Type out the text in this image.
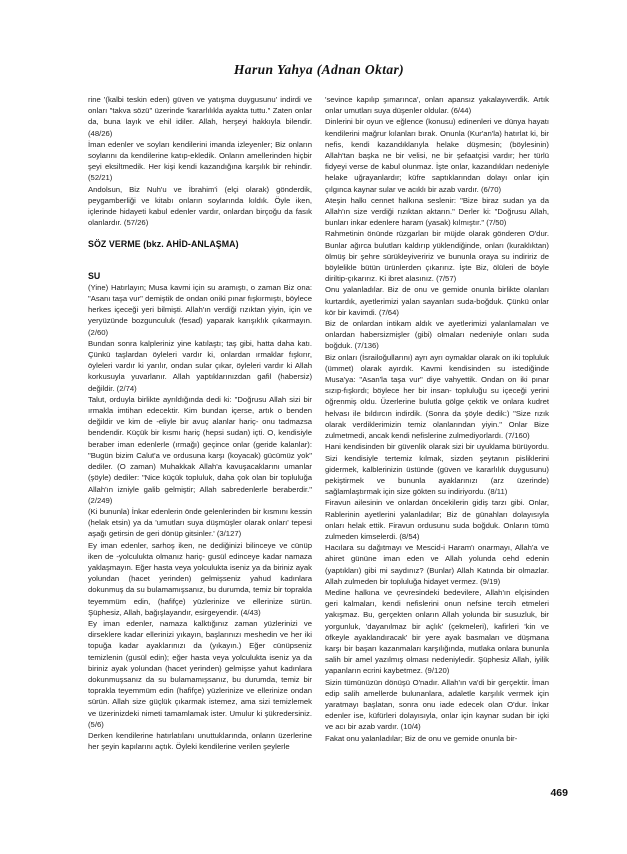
Harun Yahya (Adnan Oktar)
rine '(kalbi teskin eden) güven ve yatışma duygusunu' indirdi ve onları "takva sözü" üzerinde 'kararlılıkla ayakta tuttu." Zaten onlar da, buna layık ve ehil idiler. Allah, herşeyi hakkıyla bilendir. (48/26)
İman edenler ve soyları kendilerini imanda izleyenler; Biz onların soylarını da kendilerine katıp-ekledik. Onların amellerinden hiçbir şeyi eksiltmedik. Her kişi kendi kazandığına karşılık bir rehindir. (52/21)
Andolsun, Biz Nuh'u ve İbrahim'i (elçi olarak) gönderdik, peygamberliği ve kitabı onların soylarında kıldık. Öyle iken, içlerinde hidayeti kabul edenler vardır, onlardan birçoğu da fasık olanlardır. (57/26)
SÖZ VERME (bkz. AHİD-ANLAŞMA)
SU
(Yine) Hatırlayın; Musa kavmi için su aramıştı, o zaman Biz ona: "Asanı taşa vur" demiştik de ondan oniki pınar fışkırmıştı, böylece herkes içeceği yeri bilmişti. Allah'ın verdiği rızıktan yiyin, için ve yeryüzünde bozgunculuk (fesad) yaparak karışıklık çıkarmayın. (2/60)
Bundan sonra kalpleriniz yine katılaştı; taş gibi, hatta daha katı. Çünkü taşlardan öyleleri vardır ki, onlardan ırmaklar fışkırır, öyleleri vardır ki yarılır, ondan sular çıkar, öyleleri vardır ki Allah korkusuyla yuvarlanır. Allah yaptıklarınızdan gafil (habersiz) değildir. (2/74)
Talut, orduyla birlikte ayrıldığında dedi ki: "Doğrusu Allah sizi bir ırmakla imtihan edecektir. Kim bundan içerse, artık o benden değildir ve kim de -eliyle bir avuç alanlar hariç- onu tadmazsa bendendir. Küçük bir kısmı hariç (hepsi sudan) içti. O, kendisiyle beraber iman edenlerle (ırmağı) geçince onlar (geride kalanlar): "Bugün bizim Calut'a ve ordusuna karşı (koyacak) gücümüz yok" dediler. (O zaman) Muhakkak Allah'a kavuşacaklarını umanlar (şöyle) dediler: "Nice küçük topluluk, daha çok olan bir topluluğa Allah'ın izniyle galib gelmiştir; Allah sabredenlerle beraberdir." (2/249)
(Ki bununla) İnkar edenlerin önde gelenlerinden bir kısmını kessin (helak etsin) ya da 'umutları suya düşmüşler olarak onları' tepesi aşağı getirsin de geri dönüp gitsinler.' (3/127)
Ey iman edenler, sarhoş iken, ne dediğinizi bilinceye ve cünüp iken de -yolculukta olmanız hariç- gusül edinceye kadar namaza yaklaşmayın. Eğer hasta veya yolculukta iseniz ya da biriniz ayak yolundan (hacet yerinden) gelmişseniz yahud kadınlara dokunmuş da su bulamamışsanız, bu durumda, temiz bir toprakla teyemmüm edin, (hafifçe) yüzlerinize ve ellerinize sürün. Şüphesiz, Allah, bağışlayandır, esirgeyendir. (4/43)
Ey iman edenler, namaza kalktığınız zaman yüzlerinizi ve dirseklere kadar ellerinizi yıkayın, başlarınızı meshedin ve her iki topuğa kadar ayaklarınızı da (yıkayın.) Eğer cünüpseniz temizlenin (gusül edin); eğer hasta veya yolculukta iseniz ya da biriniz ayak yolundan (hacet yerinden) gelmişse yahut kadınlara dokunmuşsanız da su bulamamışsanız, bu durumda, temiz bir toprakla teyemmüm edin (hafifçe) yüzlerinize ve ellerinize ondan sürün. Allah size güçlük çıkarmak istemez, ama sizi temizlemek ve üzerinizdeki nimeti tamamlamak ister. Umulur ki şükredersiniz. (5/6)
Derken kendilerine hatırlatılanı unuttuklarında, onların üzerlerine her şeyin kapılarını açtık. Öyleki kendilerine verilen şeylerle
'sevince kapılıp şımarınca', onları apansız yakalayıverdik. Artık onlar umutları suya düşenler oldular. (6/44)
Dinlerini bir oyun ve eğlence (konusu) edinenleri ve dünya hayatı kendilerini mağrur kılanları bırak. Onunla (Kur'an'la) hatırlat ki, bir nefis, kendi kazandıklarıyla helake düşmesin; (böylesinin) Allah'tan başka ne bir velisi, ne bir şefaatçisi vardır; her türlü fidyeyi verse de kabul olunmaz. İşte onlar, kazandıkları nedeniyle helake uğrayanlardır; küfre saptıklarından dolayı onlar için çılgınca kaynar sular ve acıklı bir azab vardır. (6/70)
Ateşin halkı cennet halkına seslenir: "Bize biraz sudan ya da Allah'ın size verdiği rızıktan aktarın." Derler ki: "Doğrusu Allah, bunları inkar edenlere haram (yasak) kılmıştır." (7/50)
Rahmetinin önünde rüzgarları bir müjde olarak gönderen O'dur. Bunlar ağırca bulutları kaldırıp yüklendiğinde, onları (kuraklıktan) ölmüş bir şehre sürükleyiveririz ve bununla oraya su indiririz de böylelikle bütün ürünlerden çıkarırız. İşte Biz, ölüleri de böyle diriltip-çıkarırız. Ki ibret alasınız. (7/57)
Onu yalanladılar. Biz de onu ve gemide onunla birlikte olanları kurtardık, ayetlerimizi yalan sayanları suda-boğduk. Çünkü onlar kör bir kavimdi. (7/64)
Biz de onlardan intikam aldık ve ayetlerimizi yalanlamaları ve onlardan habersizmişler (gibi) olmaları nedeniyle onları suda boğduk. (7/136)
Biz onları (İsrailoğullarını) ayrı ayrı oymaklar olarak on iki topluluk (ümmet) olarak ayırdık. Kavmi kendisinden su istediğinde Musa'ya: "Asan'la taşa vur" diye vahyettik. Ondan on iki pınar sızıp-fışkırdı; böylece her bir insan- topluluğu su içeceği yerini öğrenmiş oldu. Üzerlerine bulutla gölge çektik ve onlara kudret helvası ile bıldırcın indirdik. (Sonra da şöyle dedik:) "Size rızık olarak verdiklerimizin temiz olanlarından yiyin." Onlar Bize zulmetmedi, ancak kendi nefislerine zulmediyorlardı. (7/160)
Hani kendisinden bir güvenlik olarak sizi bir uyuklama bürüyordu. Sizi kendisiyle tertemiz kılmak, sizden şeytanın pisliklerini gidermek, kalblerinizin üstünde (güven ve kararlılık duygusunu) pekiştirmek ve bununla ayaklarınızı (arz üzerinde) sağlamlaştırmak için size gökten su indiriyordu. (8/11)
Firavun ailesinin ve onlardan öncekilerin gidiş tarzı gibi. Onlar, Rablerinin ayetlerini yalanladılar; Biz de günahları dolayısıyla onları helak ettik. Firavun ordusunu suda boğduk. Onların tümü zulmeden kimselerdi. (8/54)
Hacılara su dağıtmayı ve Mescid-i Haram'ı onarmayı, Allah'a ve ahiret gününe iman eden ve Allah yolunda cehd edenin (yaptıkları) gibi mi saydınız? (Bunlar) Allah Katında bir olmazlar. Allah zulmeden bir topluluğa hidayet vermez. (9/19)
Medine halkına ve çevresindeki bedevilere, Allah'ın elçisinden geri kalmaları, kendi nefislerini onun nefsine tercih etmeleri yakışmaz. Bu, gerçekten onların Allah yolunda bir susuzluk, bir yorgunluk, 'dayanılmaz bir açlık' (çekmeleri), kafirleri 'kin ve öfkeyle ayaklandıracak' bir yere ayak basmaları ve düşmana karşı bir başarı kazanmaları karşılığında, mutlaka onlara bununla salih bir amel yazılmış olması nedeniyledir. Şüphesiz Allah, iyilik yapanların ecrini kaybetmez. (9/120)
Sizin tümünüzün dönüşü O'nadır. Allah'ın va'di bir gerçektir. İman edip salih amellerde bulunanlara, adaletle karşılık vermek için yaratmayı başlatan, sonra onu iade edecek olan O'dur. İnkar edenler ise, küfürleri dolayısıyla, onlar için kaynar sudan bir içki ve acı bir azab vardır. (10/4)
Fakat onu yalanladılar; Biz de onu ve gemide onunla bir-
469
